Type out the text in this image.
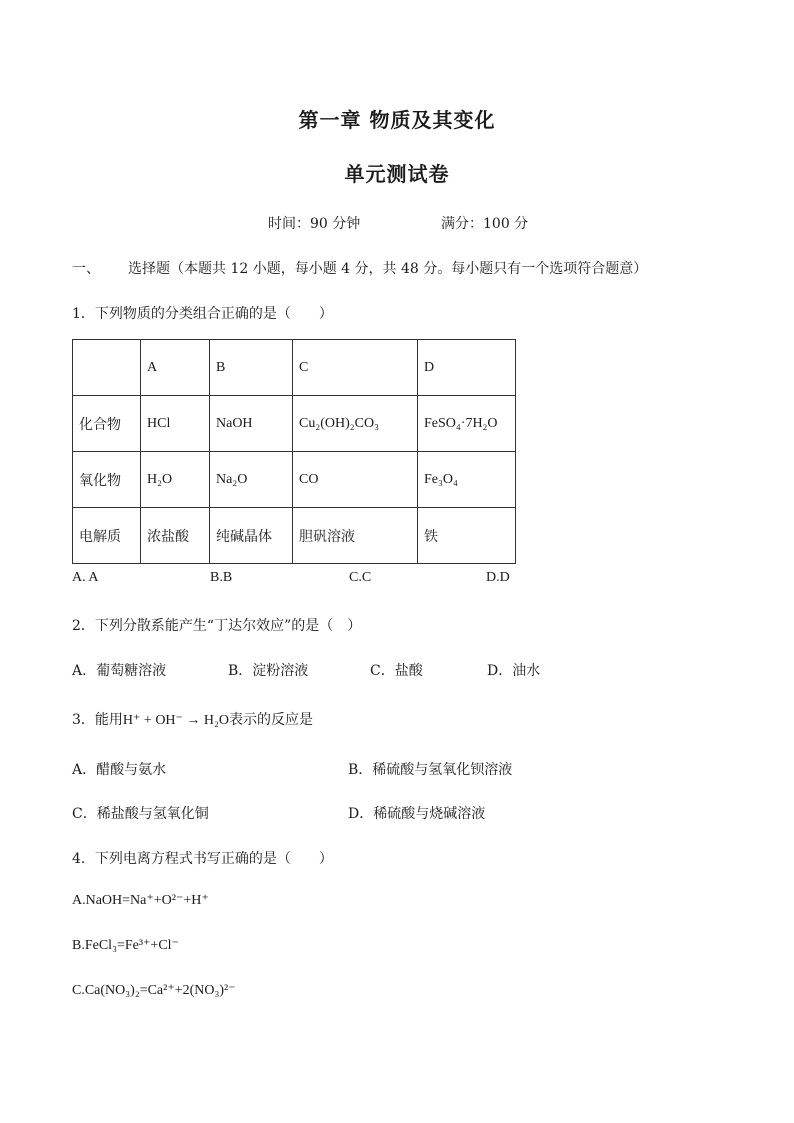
第一章 物质及其变化
单元测试卷
时间：90 分钟	满分：100 分
一、 选择题（本题共 12 小题，每小题 4 分，共 48 分。每小题只有一个选项符合题意）
1．下列物质的分类组合正确的是（　　）
	A	B	C	D
化合物	HCl	NaOH	Cu₂(OH)₂CO₃	FeSO₄·7H₂O
氧化物	H₂O	Na₂O	CO	Fe₃O₄
电解质	浓盐酸	纯碱晶体	胆矾溶液	铁
A. A	B.B	C.C	D.D
2．下列分散系能产生“丁达尔效应”的是（　）
A．葡萄糖溶液	B．淀粉溶液	C．盐酸	D．油水
3．能用H⁺ + OH⁻ → H₂O表示的反应是
A．醋酸与氨水	B．稀硫酸与氢氧化钡溶液
C．稀盐酸与氢氧化铜	D．稀硫酸与烧碱溶液
4．下列电离方程式书写正确的是（　　）
A.NaOH=Na⁺+O²⁻+H⁺
B.FeCl₃=Fe³⁺+Cl⁻
C.Ca(NO₃)₂=Ca²⁺+2(NO₃)²⁻
